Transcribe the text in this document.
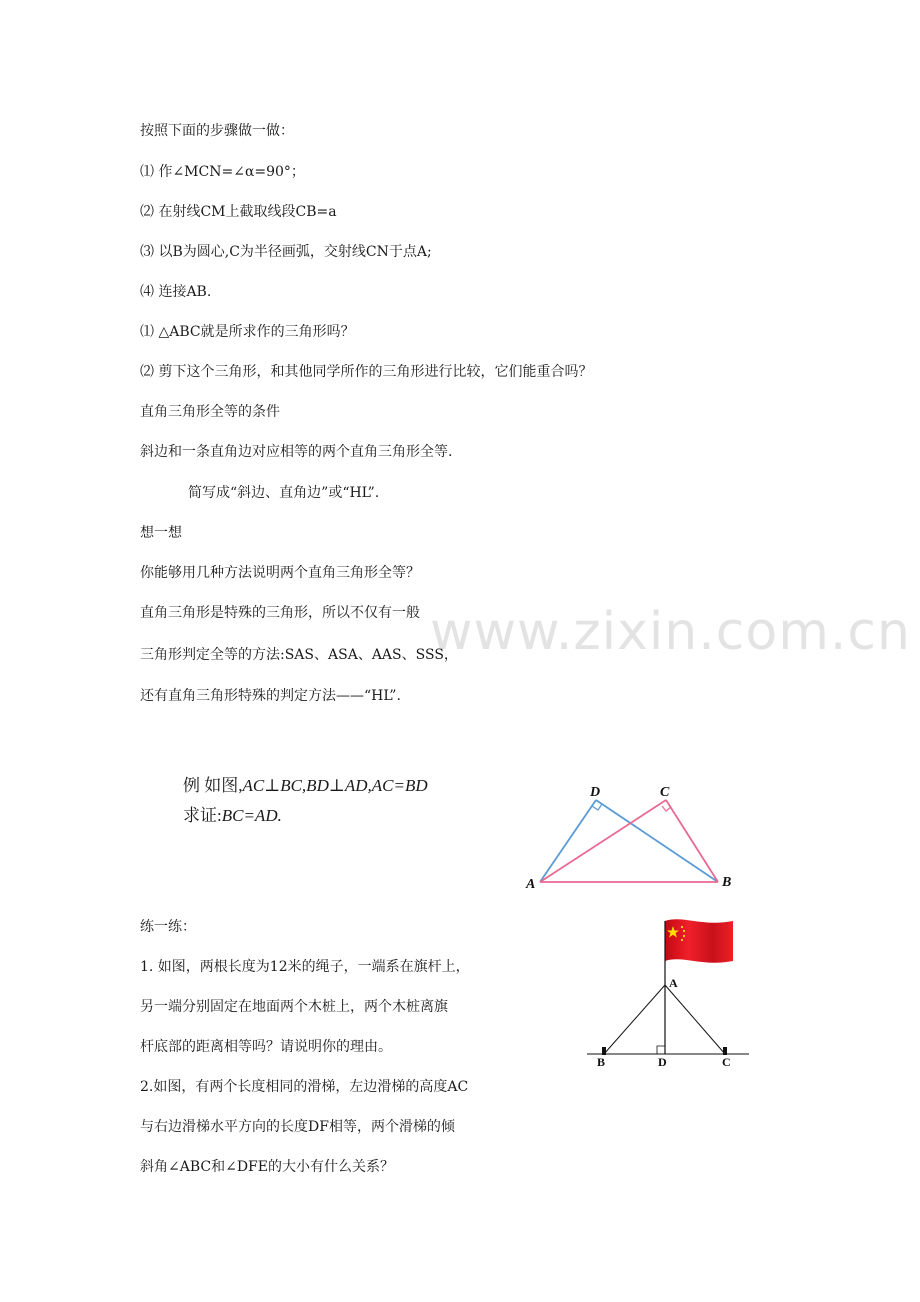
www.zixin.com.cn
按照下面的步骤做一做：
⑴ 作∠MCN=∠α=90°；
⑵ 在射线CM上截取线段CB=a
⑶ 以B为圆心,C为半径画弧，交射线CN于点A;
⑷ 连接AB.
⑴ △ABC就是所求作的三角形吗？
⑵ 剪下这个三角形，和其他同学所作的三角形进行比较，它们能重合吗？
直角三角形全等的条件
斜边和一条直角边对应相等的两个直角三角形全等.
简写成“斜边、直角边”或“HL”.
想一想
你能够用几种方法说明两个直角三角形全等？
直角三角形是特殊的三角形，所以不仅有一般
三角形判定全等的方法:SAS、ASA、AAS、SSS，
还有直角三角形特殊的判定方法——“HL”.
例 如图,AC⊥BC,BD⊥AD,AC=BD
求证:BC=AD.
A	B
C
D
练一练：
1. 如图，两根长度为12米的绳子，一端系在旗杆上，
另一端分别固定在地面两个木桩上，两个木桩离旗
杆底部的距离相等吗？请说明你的理由。
2.如图，有两个长度相同的滑梯，左边滑梯的高度AC
与右边滑梯水平方向的长度DF相等，两个滑梯的倾
斜角∠ABC和∠DFE的大小有什么关系？
A
B	D	C
